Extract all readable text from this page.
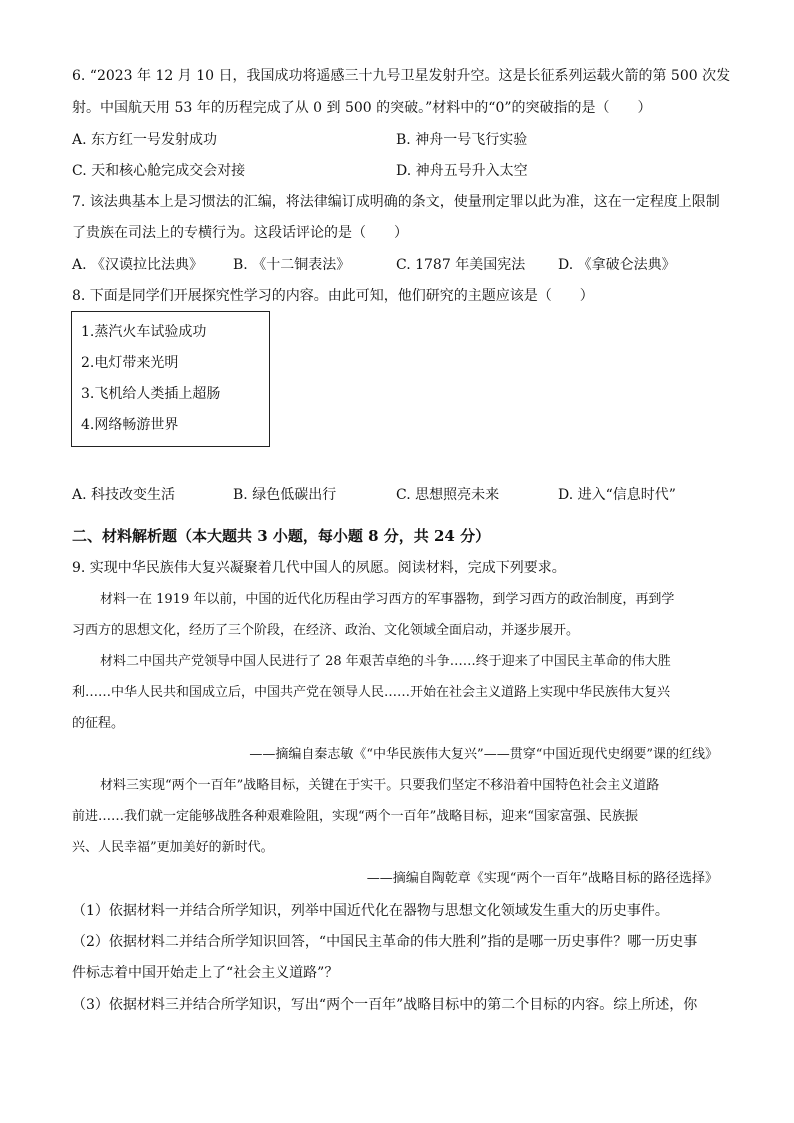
6. “2023 年 12 月 10 日，我国成功将遥感三十九号卫星发射升空。这是长征系列运载火箭的第 500 次发
射。中国航天用 53 年的历程完成了从 0 到 500 的突破。”材料中的“0”的突破指的是（　　）
A. 东方红一号发射成功	B. 神舟一号飞行实验
C. 天和核心舱完成交会对接	D. 神舟五号升入太空
7. 该法典基本上是习惯法的汇编，将法律编订成明确的条文，使量刑定罪以此为准，这在一定程度上限制
了贵族在司法上的专横行为。这段话评论的是（　　）
A. 《汉谟拉比法典》 B. 《十二铜表法》	C. 1787 年美国宪法 D. 《拿破仑法典》
8. 下面是同学们开展探究性学习的内容。由此可知，他们研究的主题应该是（　　）
1.蒸汽火车试验成功
2.电灯带来光明
3.飞机给人类插上超肠
4.网络畅游世界
A. 科技改变生活	B. 绿色低碳出行	C. 思想照亮未来	D. 进入“信息时代”
二、材料解析题（本大题共 3 小题，每小题 8 分，共 24 分）
9. 实现中华民族伟大复兴凝聚着几代中国人的夙愿。阅读材料，完成下列要求。
材料一在 1919 年以前，中国的近代化历程由学习西方的军事器物，到学习西方的政治制度，再到学
习西方的思想文化，经历了三个阶段，在经济、政治、文化领域全面启动，并逐步展开。
材料二中国共产党领导中国人民进行了 28 年艰苦卓绝的斗争……终于迎来了中国民主革命的伟大胜
利……中华人民共和国成立后，中国共产党在领导人民……开始在社会主义道路上实现中华民族伟大复兴
的征程。
——摘编自秦志敏《“中华民族伟大复兴”——贯穿“中国近现代史纲要”课的红线》
材料三实现“两个一百年”战略目标，关键在于实干。只要我们坚定不移沿着中国特色社会主义道路
前进……我们就一定能够战胜各种艰难险阻，实现“两个一百年”战略目标，迎来“国家富强、民族振
兴、人民幸福”更加美好的新时代。
——摘编自陶乾章《实现“两个一百年”战略目标的路径选择》
（1）依据材料一并结合所学知识，列举中国近代化在器物与思想文化领域发生重大的历史事件。
（2）依据材料二并结合所学知识回答，“中国民主革命的伟大胜利”指的是哪一历史事件？哪一历史事
件标志着中国开始走上了“社会主义道路”？
（3）依据材料三并结合所学知识，写出“两个一百年”战略目标中的第二个目标的内容。综上所述，你
